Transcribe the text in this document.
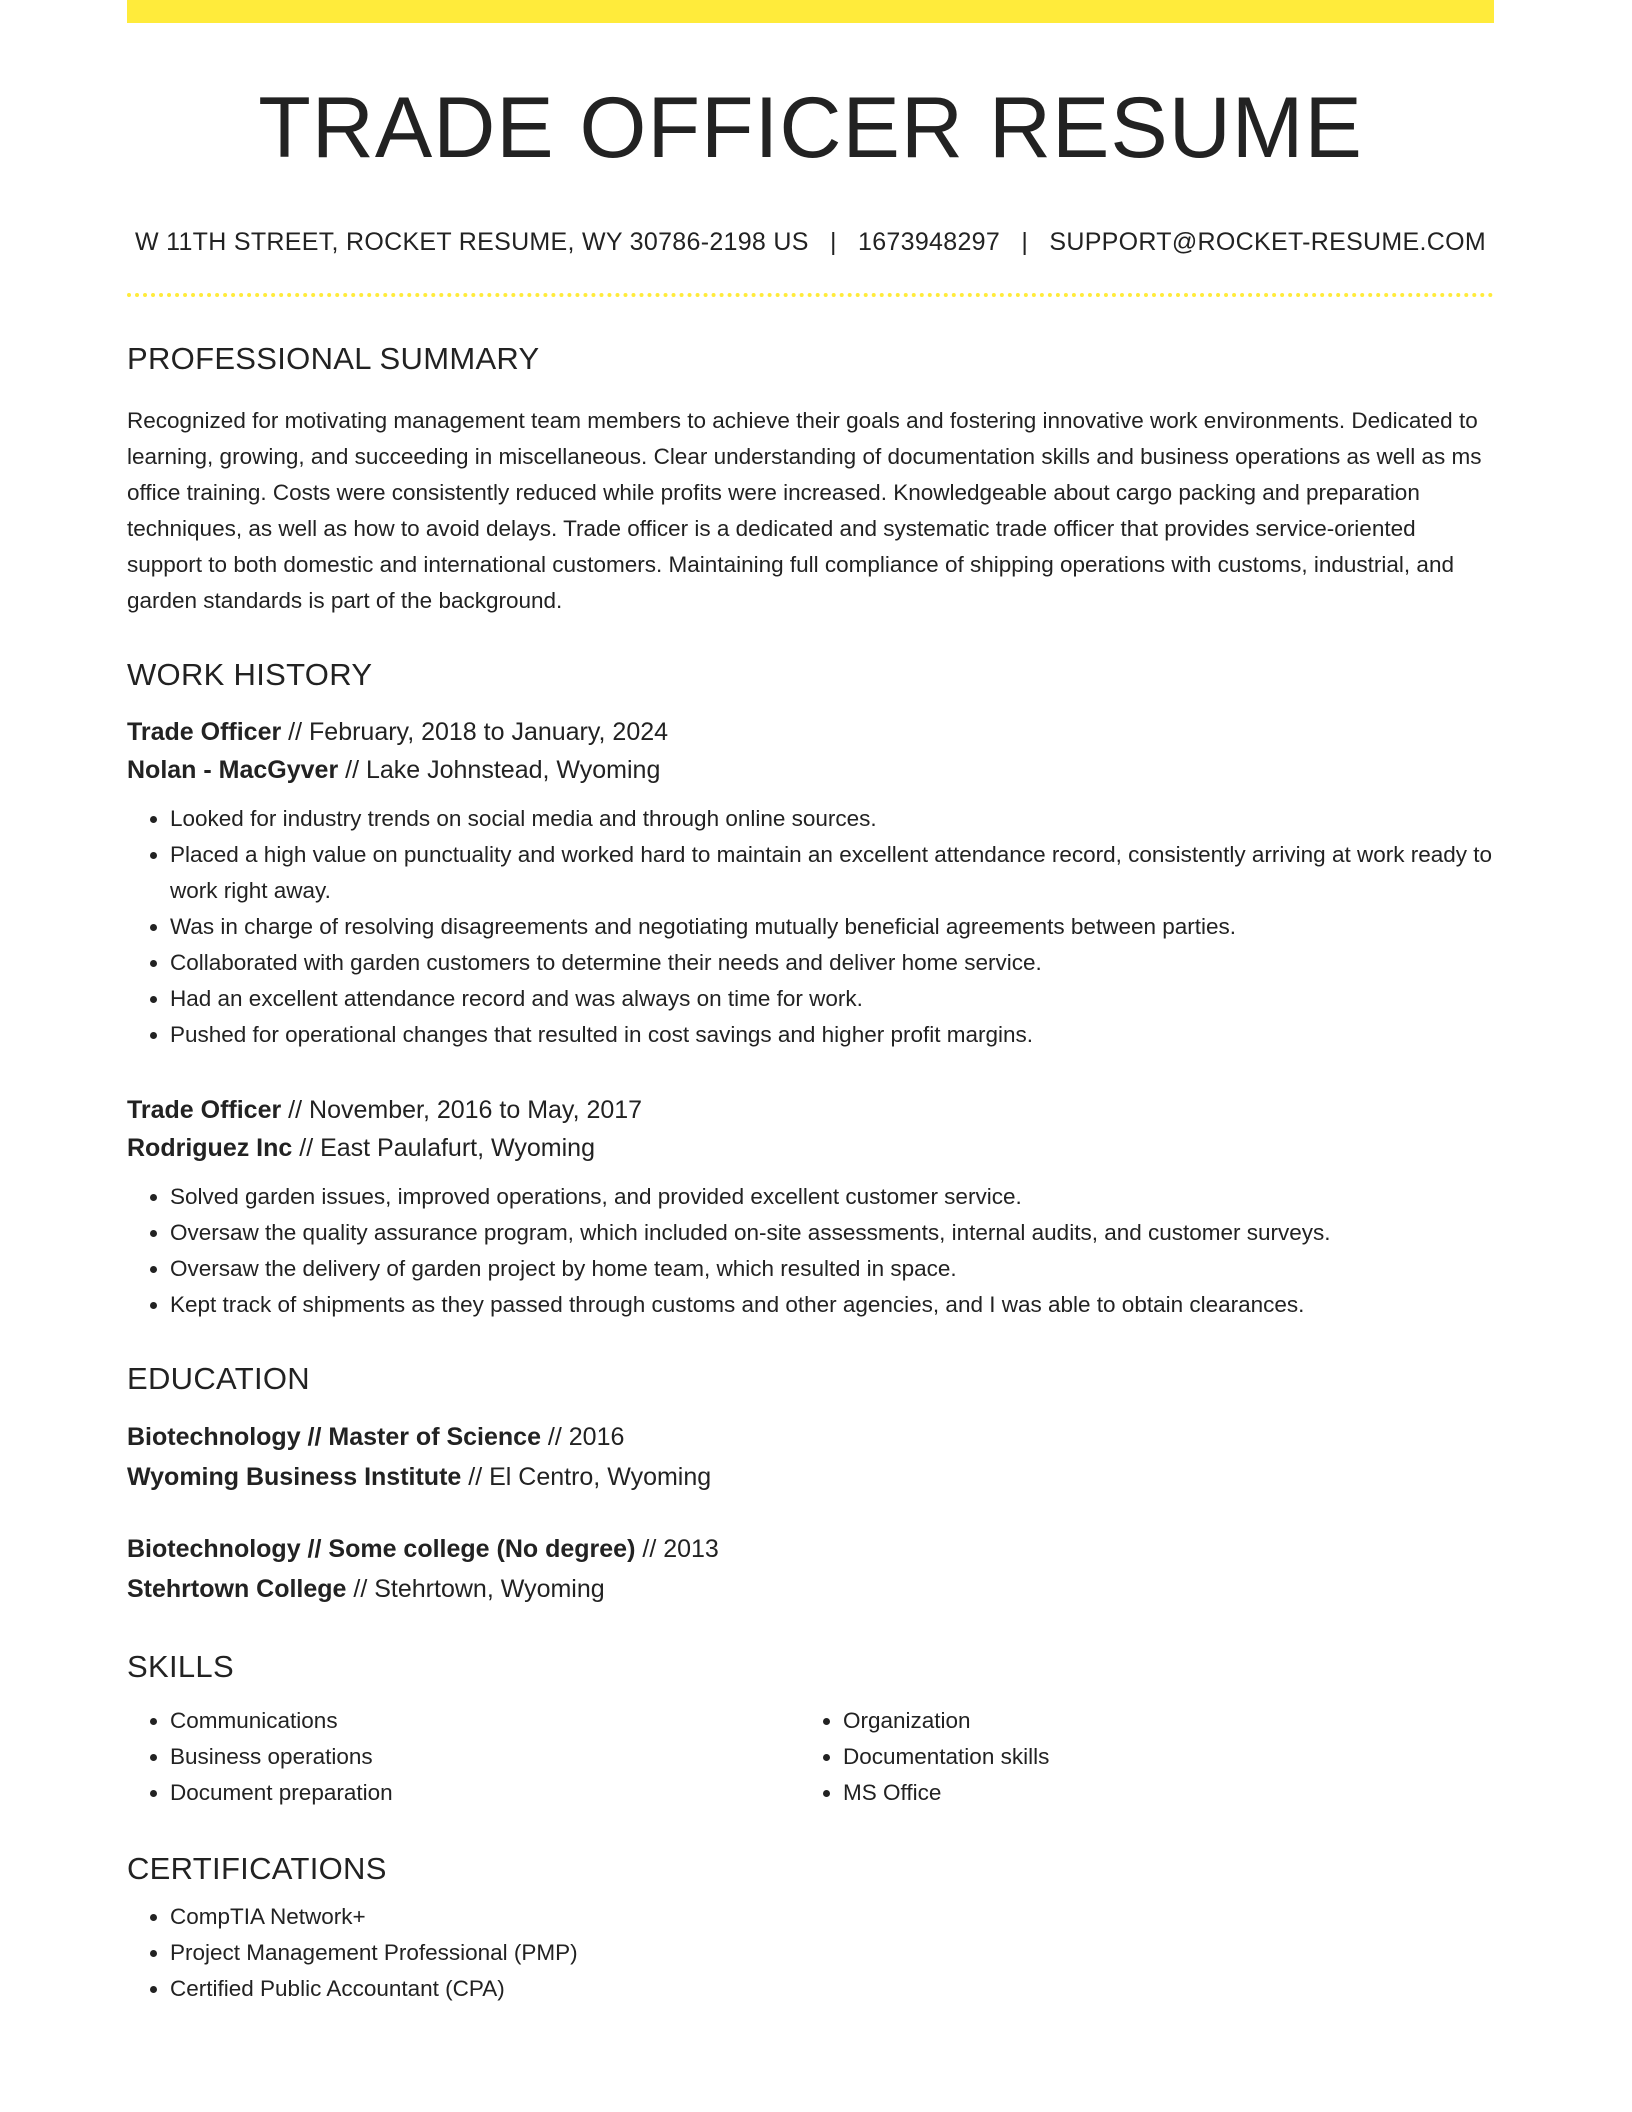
TRADE OFFICER RESUME
W 11TH STREET, ROCKET RESUME, WY 30786-2198 US | 1673948297 | SUPPORT@ROCKET-RESUME.COM
PROFESSIONAL SUMMARY
Recognized for motivating management team members to achieve their goals and fostering innovative work environments. Dedicated to learning, growing, and succeeding in miscellaneous. Clear understanding of documentation skills and business operations as well as ms office training. Costs were consistently reduced while profits were increased. Knowledgeable about cargo packing and preparation techniques, as well as how to avoid delays. Trade officer is a dedicated and systematic trade officer that provides service-oriented support to both domestic and international customers. Maintaining full compliance of shipping operations with customs, industrial, and garden standards is part of the background.
WORK HISTORY
Trade Officer // February, 2018 to January, 2024
Nolan - MacGyver // Lake Johnstead, Wyoming
• Looked for industry trends on social media and through online sources.
• Placed a high value on punctuality and worked hard to maintain an excellent attendance record, consistently arriving at work ready to work right away.
• Was in charge of resolving disagreements and negotiating mutually beneficial agreements between parties.
• Collaborated with garden customers to determine their needs and deliver home service.
• Had an excellent attendance record and was always on time for work.
• Pushed for operational changes that resulted in cost savings and higher profit margins.
Trade Officer // November, 2016 to May, 2017
Rodriguez Inc // East Paulafurt, Wyoming
• Solved garden issues, improved operations, and provided excellent customer service.
• Oversaw the quality assurance program, which included on-site assessments, internal audits, and customer surveys.
• Oversaw the delivery of garden project by home team, which resulted in space.
• Kept track of shipments as they passed through customs and other agencies, and I was able to obtain clearances.
EDUCATION
Biotechnology // Master of Science // 2016
Wyoming Business Institute // El Centro, Wyoming
Biotechnology // Some college (No degree) // 2013
Stehrtown College // Stehrtown, Wyoming
SKILLS
• Communications
• Business operations
• Document preparation
• Organization
• Documentation skills
• MS Office
CERTIFICATIONS
• CompTIA Network+
• Project Management Professional (PMP)
• Certified Public Accountant (CPA)
